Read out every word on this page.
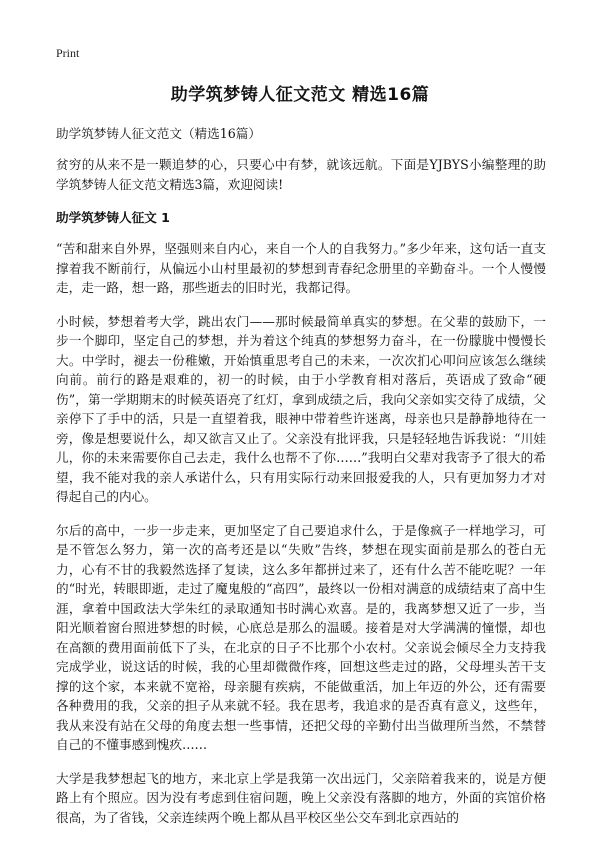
Print
助学筑梦铸人征文范文 精选16篇

助学筑梦铸人征文范文（精选16篇）

贫穷的从来不是一颗追梦的心，只要心中有梦，就该远航。下面是YJBYS小编整理的助学筑梦铸人征文范文精选3篇，欢迎阅读!

助学筑梦铸人征文 1

“苦和甜来自外界，坚强则来自内心，来自一个人的自我努力。”多少年来，这句话一直支撑着我不断前行，从偏远小山村里最初的梦想到青春纪念册里的辛勤奋斗。一个人慢慢走，走一路，想一路，那些逝去的旧时光，我都记得。

小时候，梦想着考大学，跳出农门——那时候最简单真实的梦想。在父辈的鼓励下，一步一个脚印，坚定自己的梦想，并为着这个纯真的梦想努力奋斗，在一份朦胧中慢慢长大。中学时，褪去一份稚嫩，开始慎重思考自己的未来，一次次扪心叩问应该怎么继续向前。前行的路是艰难的，初一的时候，由于小学教育相对落后，英语成了致命“硬伤”，第一学期期末的时候英语亮了红灯，拿到成绩之后，我向父亲如实交待了成绩，父亲停下了手中的活，只是一直望着我，眼神中带着些许迷离，母亲也只是静静地待在一旁，像是想要说什么，却又欲言又止了。父亲没有批评我，只是轻轻地告诉我说：“川娃儿，你的未来需要你自己去走，我什么也帮不了你……”我明白父辈对我寄予了很大的希望，我不能对我的亲人承诺什么，只有用实际行动来回报爱我的人，只有更加努力才对得起自己的内心。

尔后的高中，一步一步走来，更加坚定了自己要追求什么，于是像疯子一样地学习，可是不管怎么努力，第一次的高考还是以“失败”告终，梦想在现实面前是那么的苍白无力，心有不甘的我毅然选择了复读，这么多年都拼过来了，还有什么苦不能吃呢？一年的“时光，转眼即逝，走过了魔鬼般的“高四”，最终以一份相对满意的成绩结束了高中生涯，拿着中国政法大学朱红的录取通知书时满心欢喜。是的，我离梦想又近了一步，当阳光顺着窗台照进梦想的时候，心底总是那么的温暖。接着是对大学满满的憧憬，却也在高额的费用面前低下了头，在北京的日子不比那个小农村。父亲说会倾尽全力支持我完成学业，说这话的时候，我的心里却微微作疼，回想这些走过的路，父母埋头苦干支撑的这个家，本来就不宽裕，母亲腿有疾病，不能做重活，加上年迈的外公，还有需要各种费用的我，父亲的担子从来就不轻。我在思考，我追求的是否真有意义，这些年，我从来没有站在父母的角度去想一些事情，还把父母的辛勤付出当做理所当然，不禁替自己的不懂事感到愧疚……

大学是我梦想起飞的地方，来北京上学是我第一次出远门，父亲陪着我来的，说是方便路上有个照应。因为没有考虑到住宿问题，晚上父亲没有落脚的地方，外面的宾馆价格很高，为了省钱，父亲连续两个晚上都从昌平校区坐公交车到北京西站的
